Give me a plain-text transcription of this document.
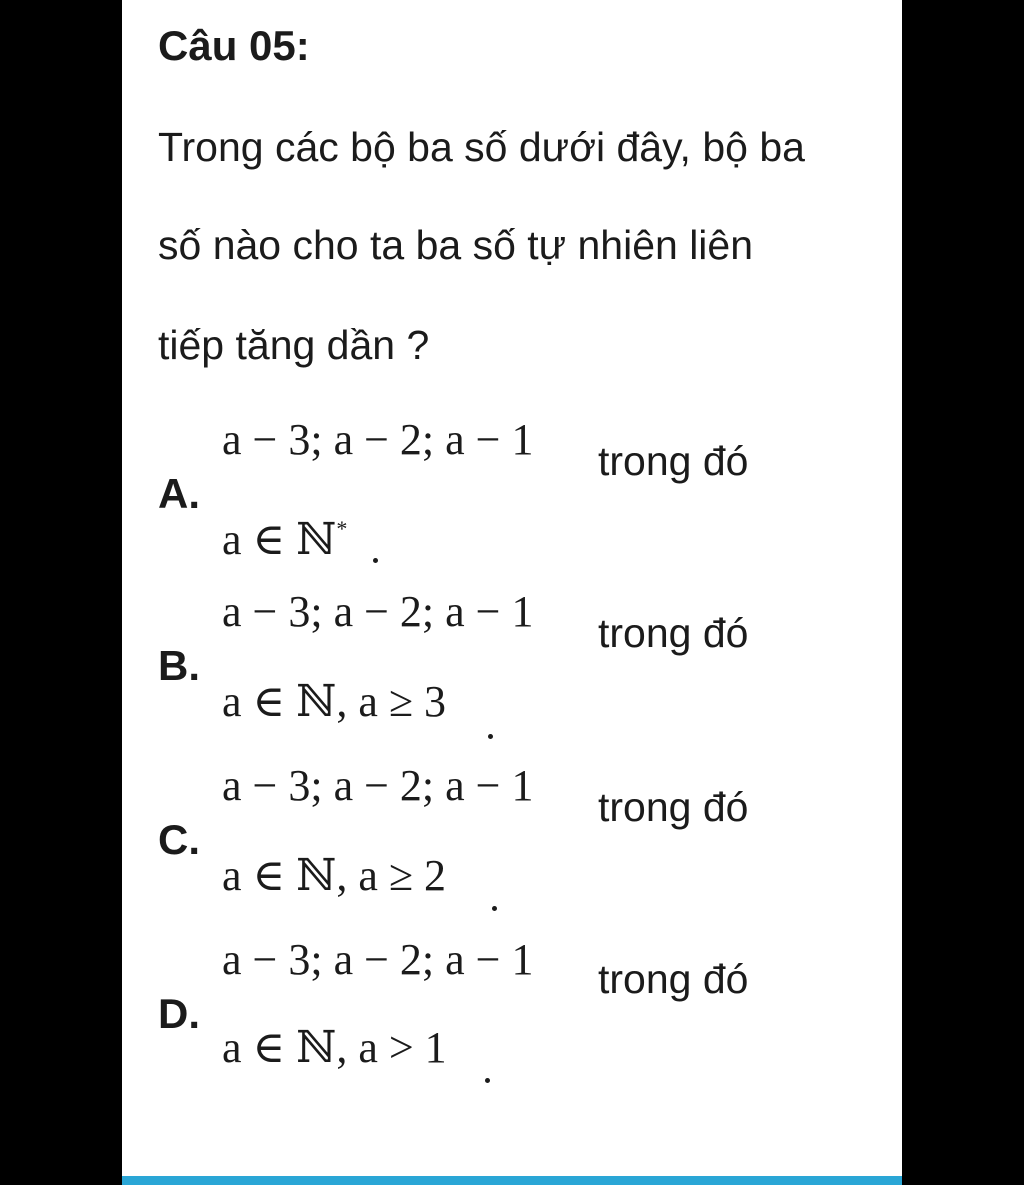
Câu 05:
Trong các bộ ba số dưới đây, bộ ba
số nào cho ta ba số tự nhiên liên
tiếp tăng dần ?
a − 3; a − 2; a − 1 trong đó
A.
a ∈ ℕ*
a − 3; a − 2; a − 1 trong đó
B.
a ∈ ℕ, a ≥ 3
a − 3; a − 2; a − 1 trong đó
C.
a ∈ ℕ, a ≥ 2
a − 3; a − 2; a − 1 trong đó
D.
a ∈ ℕ, a > 1
